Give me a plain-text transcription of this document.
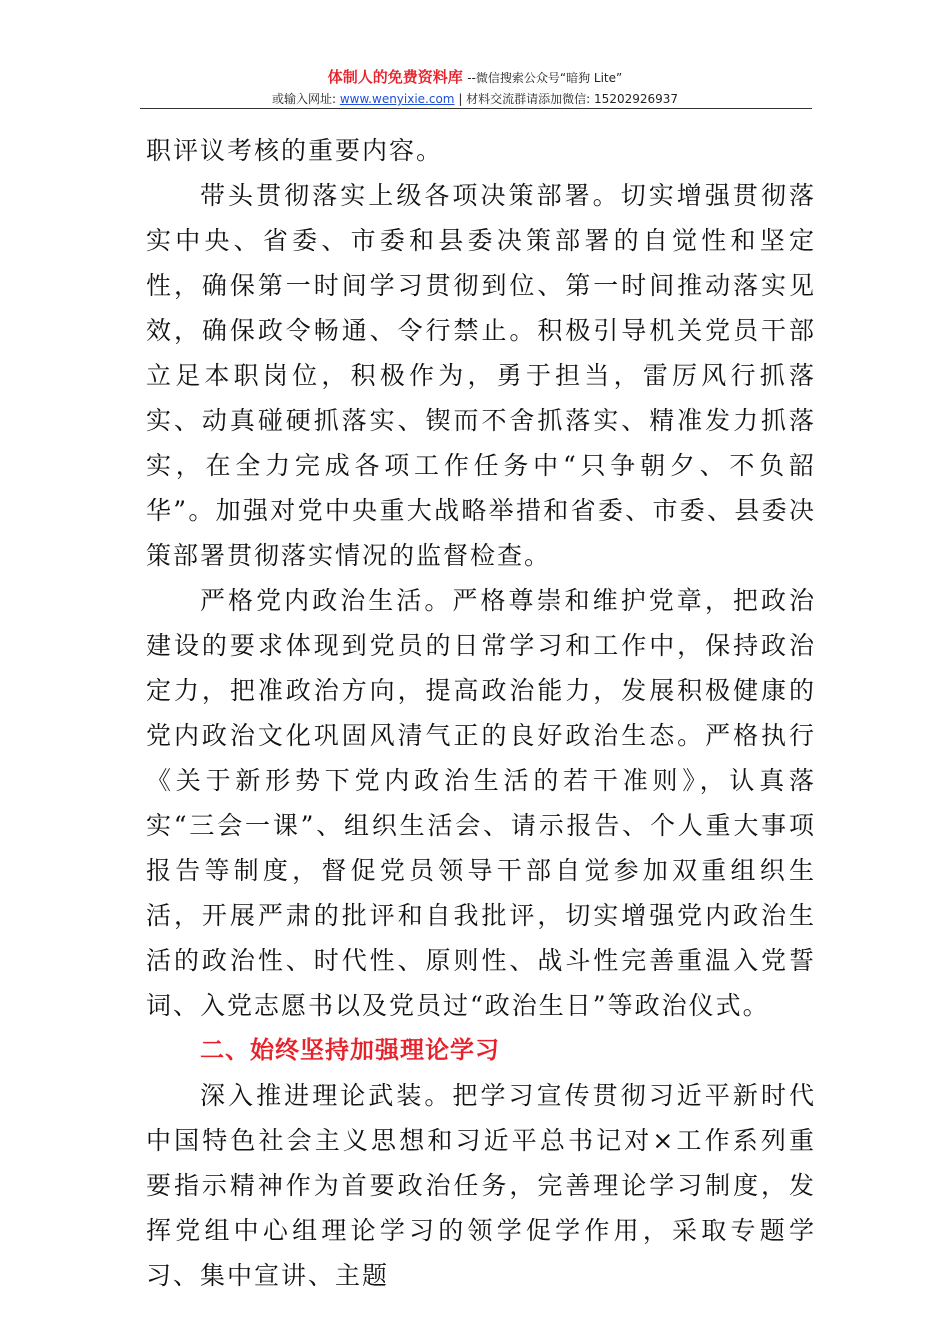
体制人的免费资料库 --微信搜索公众号“暗狗 Lite”
或输入网址: www.wenyixie.com | 材料交流群请添加微信: 15202926937

职评议考核的重要内容。

带头贯彻落实上级各项决策部署。切实增强贯彻落实中央、省委、市委和县委决策部署的自觉性和坚定性，确保第一时间学习贯彻到位、第一时间推动落实见效，确保政令畅通、令行禁止。积极引导机关党员干部立足本职岗位，积极作为，勇于担当，雷厉风行抓落实、动真碰硬抓落实、锲而不舍抓落实、精准发力抓落实，在全力完成各项工作任务中“只争朝夕、不负韶华”。加强对党中央重大战略举措和省委、市委、县委决策部署贯彻落实情况的监督检查。

严格党内政治生活。严格尊崇和维护党章，把政治建设的要求体现到党员的日常学习和工作中，保持政治定力，把准政治方向，提高政治能力，发展积极健康的党内政治文化巩固风清气正的良好政治生态。严格执行《关于新形势下党内政治生活的若干准则》，认真落实“三会一课”、组织生活会、请示报告、个人重大事项报告等制度，督促党员领导干部自觉参加双重组织生活，开展严肃的批评和自我批评，切实增强党内政治生活的政治性、时代性、原则性、战斗性完善重温入党誓词、入党志愿书以及党员过“政治生日”等政治仪式。

二、始终坚持加强理论学习

深入推进理论武装。把学习宣传贯彻习近平新时代中国特色社会主义思想和习近平总书记对×工作系列重要指示精神作为首要政治任务，完善理论学习制度，发挥党组中心组理论学习的领学促学作用，采取专题学习、集中宣讲、主题
